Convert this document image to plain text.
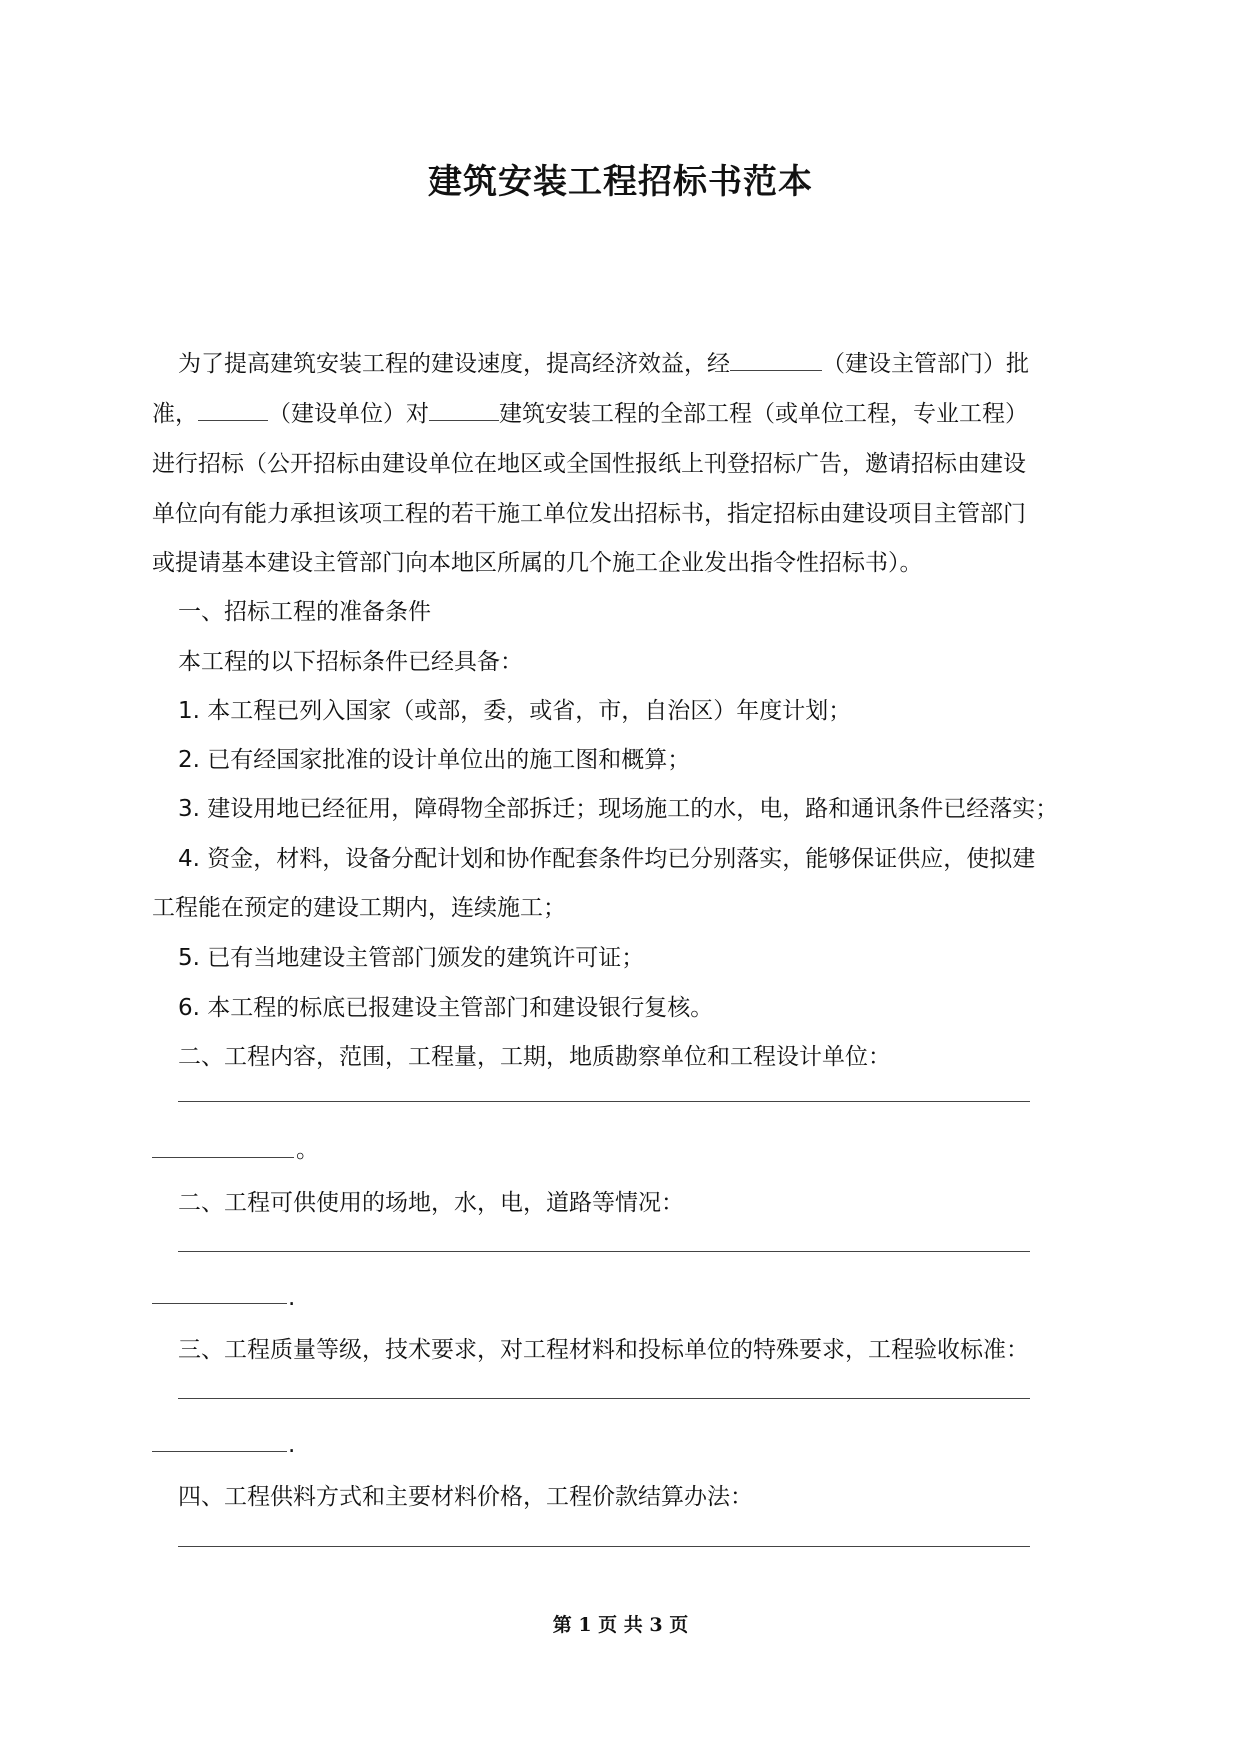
建筑安装工程招标书范本
为了提高建筑安装工程的建设速度，提高经济效益，经	（建设主管部门）批
准，	（建设单位）对	建筑安装工程的全部工程（或单位工程，专业工程）
进行招标（公开招标由建设单位在地区或全国性报纸上刊登招标广告，邀请招标由建设
单位向有能力承担该项工程的若干施工单位发出招标书，指定招标由建设项目主管部门
或提请基本建设主管部门向本地区所属的几个施工企业发出指令性招标书）。
一、招标工程的准备条件
本工程的以下招标条件已经具备：
1. 本工程已列入国家（或部，委，或省，市，自治区）年度计划；
2. 已有经国家批准的设计单位出的施工图和概算；
3. 建设用地已经征用，障碍物全部拆迁；现场施工的水，电，路和通讯条件已经落实；
4. 资金，材料，设备分配计划和协作配套条件均已分别落实，能够保证供应，使拟建
工程能在预定的建设工期内，连续施工；
5. 已有当地建设主管部门颁发的建筑许可证；
6. 本工程的标底已报建设主管部门和建设银行复核。
二、工程内容，范围，工程量，工期，地质勘察单位和工程设计单位：
。
二、工程可供使用的场地，水，电，道路等情况：
.
三、工程质量等级，技术要求，对工程材料和投标单位的特殊要求，工程验收标准：
.
四、工程供料方式和主要材料价格，工程价款结算办法：
第 1 页 共 3 页
